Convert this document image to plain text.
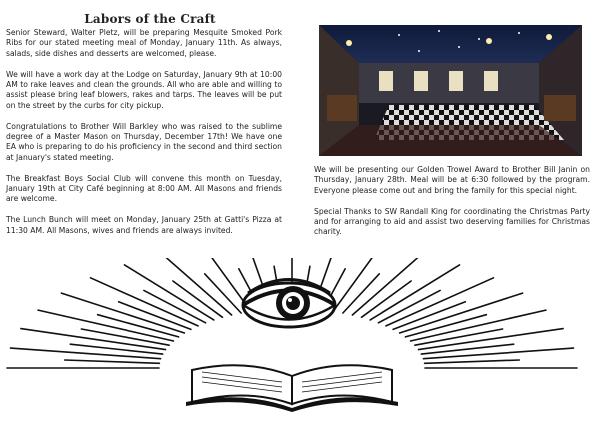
Labors of the Craft

Senior Steward, Walter Pletz, will be preparing Mesquite Smoked Pork Ribs for our stated meeting meal of Monday, January 11th. As always, salads, side dishes and desserts are welcomed, please.

We will have a work day at the Lodge on Saturday, January 9th at 10:00 AM to rake leaves and clean the grounds. All who are able and willing to assist please bring leaf blowers, rakes and tarps. The leaves will be put on the street by the curbs for city pickup.

Congratulations to Brother Will Barkley who was raised to the sublime degree of a Master Mason on Thursday, December 17th! We have one EA who is preparing to do his proficiency in the second and third section at January's stated meeting.

The Breakfast Boys Social Club will convene this month on Tuesday, January 19th at City Café beginning at 8:00 AM. All Masons and friends are welcome.

The Lunch Bunch will meet on Monday, January 25th at Gatti's Pizza at 11:30 AM. All Masons, wives and friends are always invited.

We will be presenting our Golden Trowel Award to Brother Bill Janin on Thursday, January 28th. Meal will be at 6:30 followed by the program. Everyone please come out and bring the family for this special night.

Special Thanks to SW Randall King for coordinating the Christmas Party and for arranging to aid and assist two deserving families for Christmas charity.
